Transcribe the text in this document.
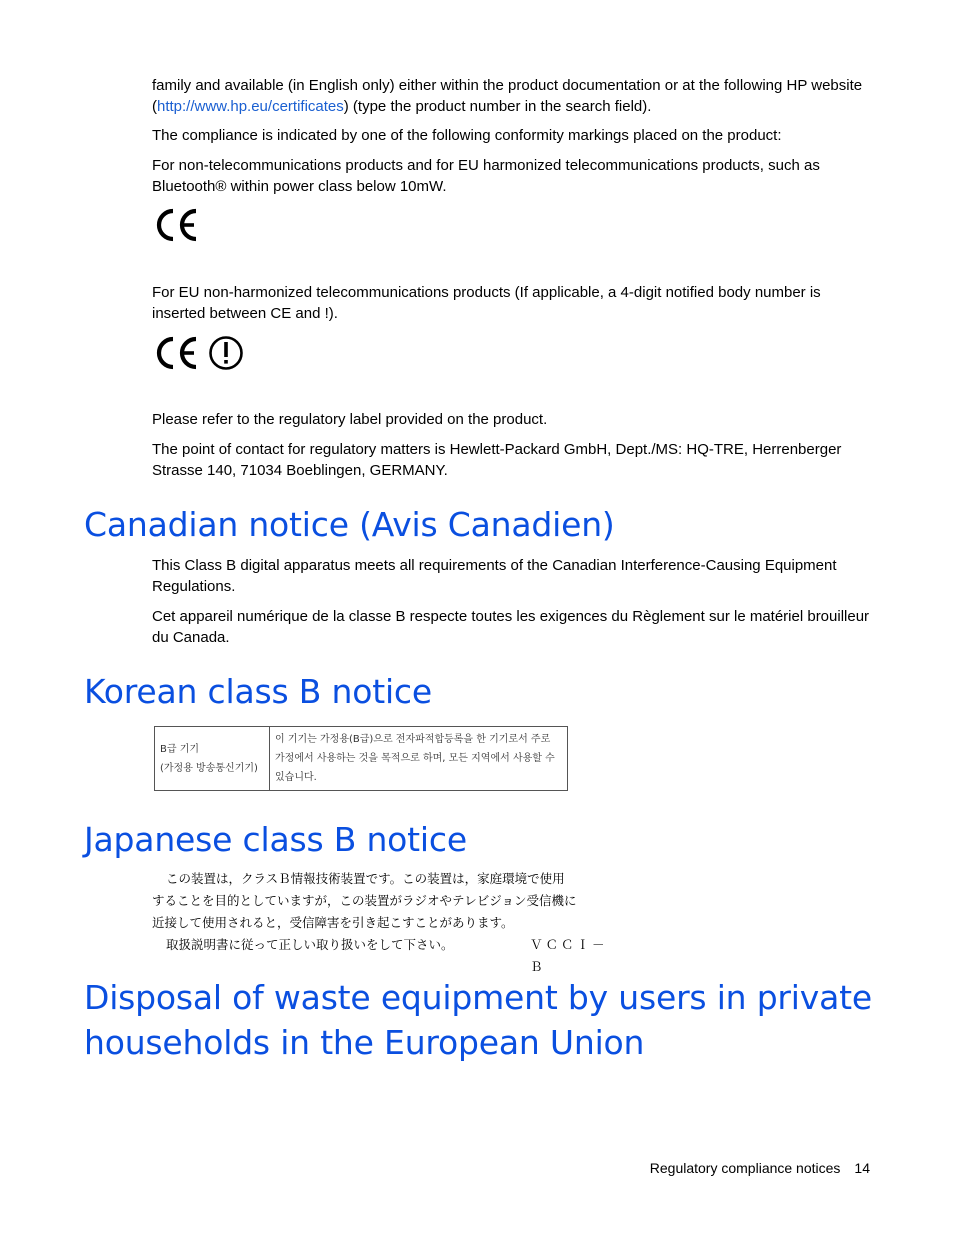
family and available (in English only) either within the product documentation or at the following HP website (http://www.hp.eu/certificates) (type the product number in the search field).

The compliance is indicated by one of the following conformity markings placed on the product:

For non-telecommunications products and for EU harmonized telecommunications products, such as Bluetooth® within power class below 10mW.

For EU non-harmonized telecommunications products (If applicable, a 4-digit notified body number is inserted between CE and !).

Please refer to the regulatory label provided on the product.

The point of contact for regulatory matters is Hewlett-Packard GmbH, Dept./MS: HQ-TRE, Herrenberger Strasse 140, 71034 Boeblingen, GERMANY.

Canadian notice (Avis Canadien)

This Class B digital apparatus meets all requirements of the Canadian Interference-Causing Equipment Regulations.

Cet appareil numérique de la classe B respecte toutes les exigences du Règlement sur le matériel brouilleur du Canada.

Korean class B notice
B급 기기
(가정용 방송통신기기)
	이 기기는 가정용(B급)으로 전자파적합등록을 한 기기로서 주로 가정에서 사용하는 것을 목적으로 하며, 모든 지역에서 사용할 수 있습니다.
Japanese class B notice

この装置は，クラスＢ情報技術装置です。この装置は，家庭環境で使用

することを目的としていますが，この装置がラジオやテレビジョン受信機に

近接して使用されると，受信障害を引き起こすことがあります。

取扱説明書に従って正しい取り扱いをして下さい。	ＶＣＣＩ－Ｂ
Disposal of waste equipment by users in private
households in the European Union
Regulatory compliance notices 14
